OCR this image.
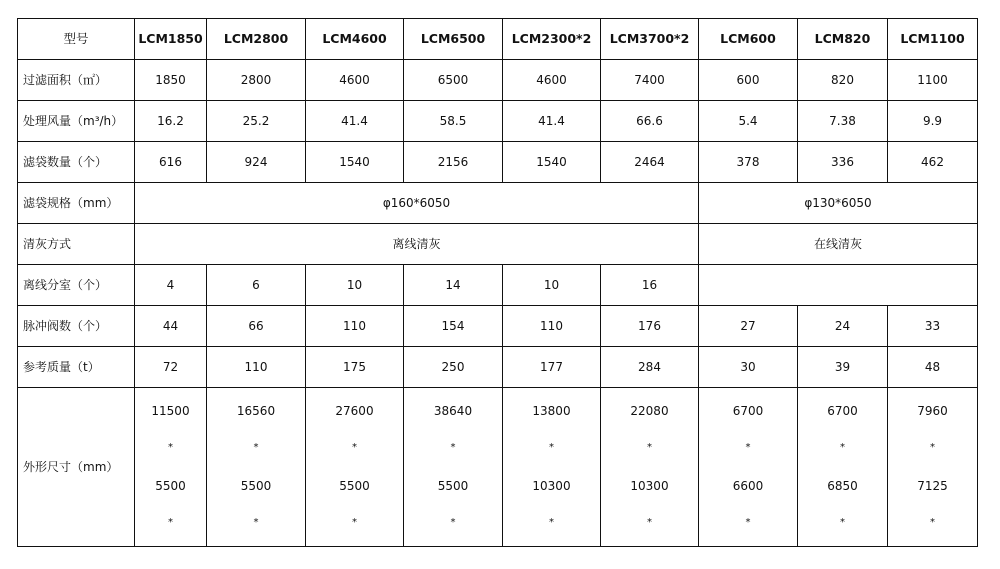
型号	LCM1850	LCM2800	LCM4600	LCM6500	LCM2300*2	LCM3700*2	LCM600	LCM820	LCM1100
过滤面积（㎡）	1850	2800	4600	6500	4600	7400	600	820	1100
处理风量（m³/h）	16.2	25.2	41.4	58.5	41.4	66.6	5.4	7.38	9.9
滤袋数量（个）	616	924	1540	2156	1540	2464	378	336	462
滤袋规格（mm）	φ160*6050						φ130*6050		
清灰方式	离线清灰						在线清灰		
离线分室（个）	4	6	10	14	10	16			
脉冲阀数（个）	44	66	110	154	110	176	27	24	33
参考质量（t）	72	110	175	250	177	284	30	39	48
外形尺寸（mm）	11500
*
5500
*	16560
*
5500
*	27600
*
5500
*	38640
*
5500
*	13800
*
10300
*	22080
*
10300
*	6700
*
6600
*	6700
*
6850
*	7960
*
7125
*
